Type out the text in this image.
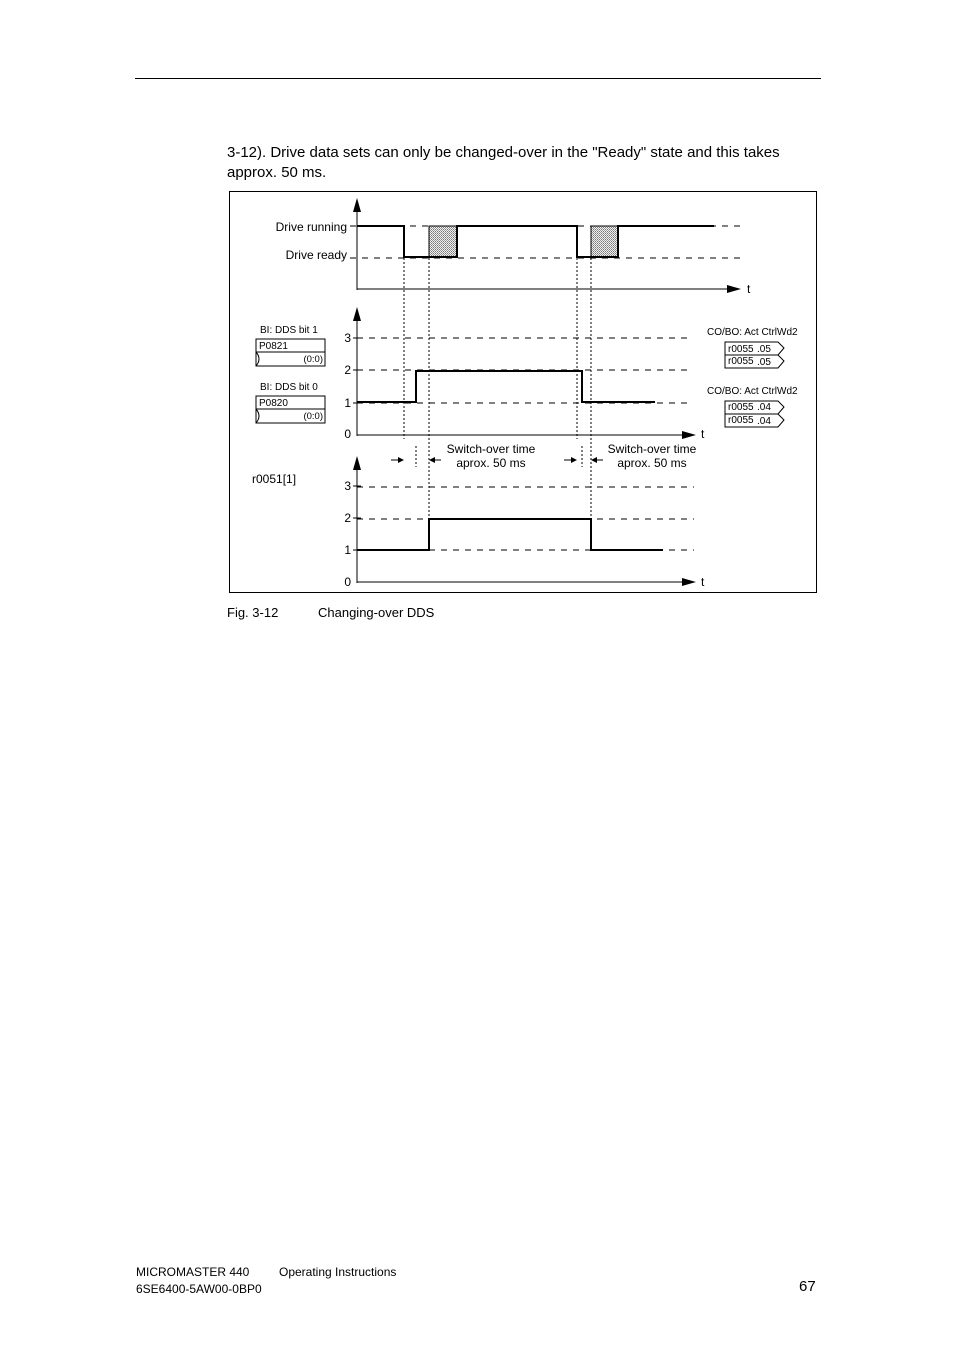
3-12). Drive data sets can only be changed-over in the "Ready" state and this takes approx. 50 ms.

t
Drive running
Drive ready
t
3
2
1
0
BI: DDS bit 1
P0821
(0:0)
BI: DDS bit 0
P0820
(0:0)
CO/BO: Act CtrlWd2
r0055 .05
r0055 .05
CO/BO: Act CtrlWd2
r0055 .04
r0055 .04
Switch-over time
aprox. 50 ms
Switch-over time
aprox. 50 ms
r0051[1]
t
3
2
1
0
Fig. 3-12	Changing-over DDS
MICROMASTER 440 Operating Instructions
6SE6400-5AW00-0BP0	67
